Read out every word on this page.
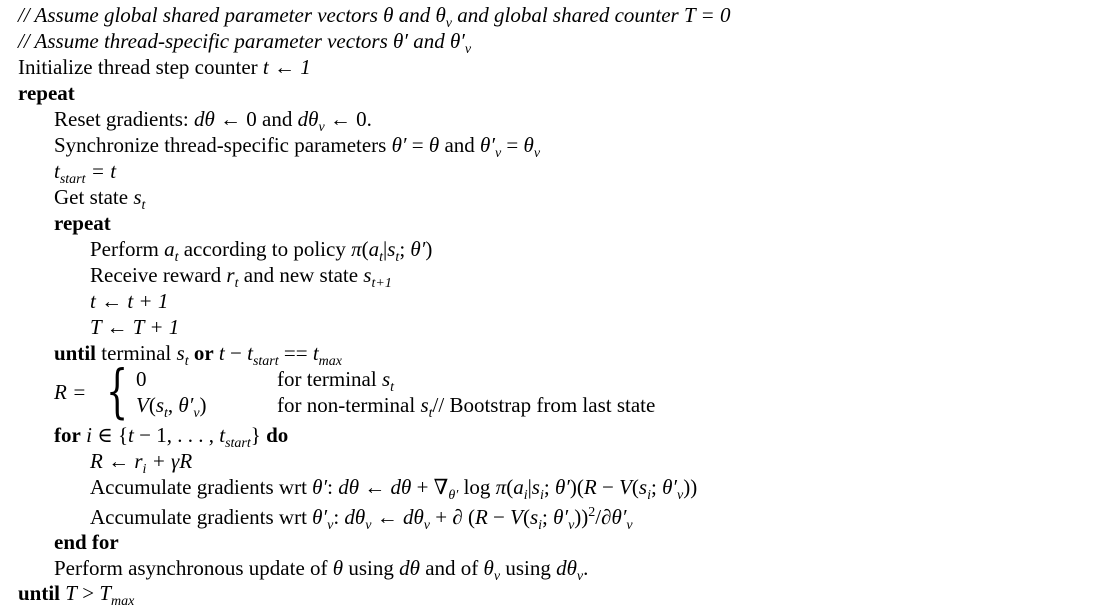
// Assume global shared parameter vectors θ and $\theta_v$ and global shared counter T = 0
// Assume thread-specific parameter vectors θ′ and $\theta'_v$
Initialize thread step counter t ← 1
repeat
Reset gradients: dθ ← 0 and $d\theta_v$ ← 0.
Synchronize thread-specific parameters θ′ = θ and $\theta'_v = \theta_v$
$t_{start} = t$
Get state $s_t$
repeat
Perform $a_t$ according to policy $\pi(a_t|s_t$; θ′)
Receive reward $r_t$ and new state $s_{t+1}$
t ← t + 1
T ← T + 1
until terminal $s_t$ or $t - t_{start} == t_{max}$
R = { 0	for terminal $s_t$
$V(s_t$, $\theta'_v$)	for non-terminal $s_t//$ Bootstrap from last state
for i ∈ {t − 1, . . . , $t_{start}$} do
R ← $r_i + \gamma R$
Accumulate gradients wrt θ′: dθ ← $d\theta + \nabla_{\theta'}$ $\log \pi(a_i|s_i$; $\theta')(R - V(s_i$; $\theta'_v$))
Accumulate gradients wrt $\theta'_v$: $d\theta_v$ ← $d\theta_v$ + ∂ ($R - V(s_i$; $\theta'_v))^2/\partial\theta'_v$
end for
Perform asynchronous update of θ using dθ and of $\theta_v$ using $d\theta_v$.
until $T > T_{max}$
